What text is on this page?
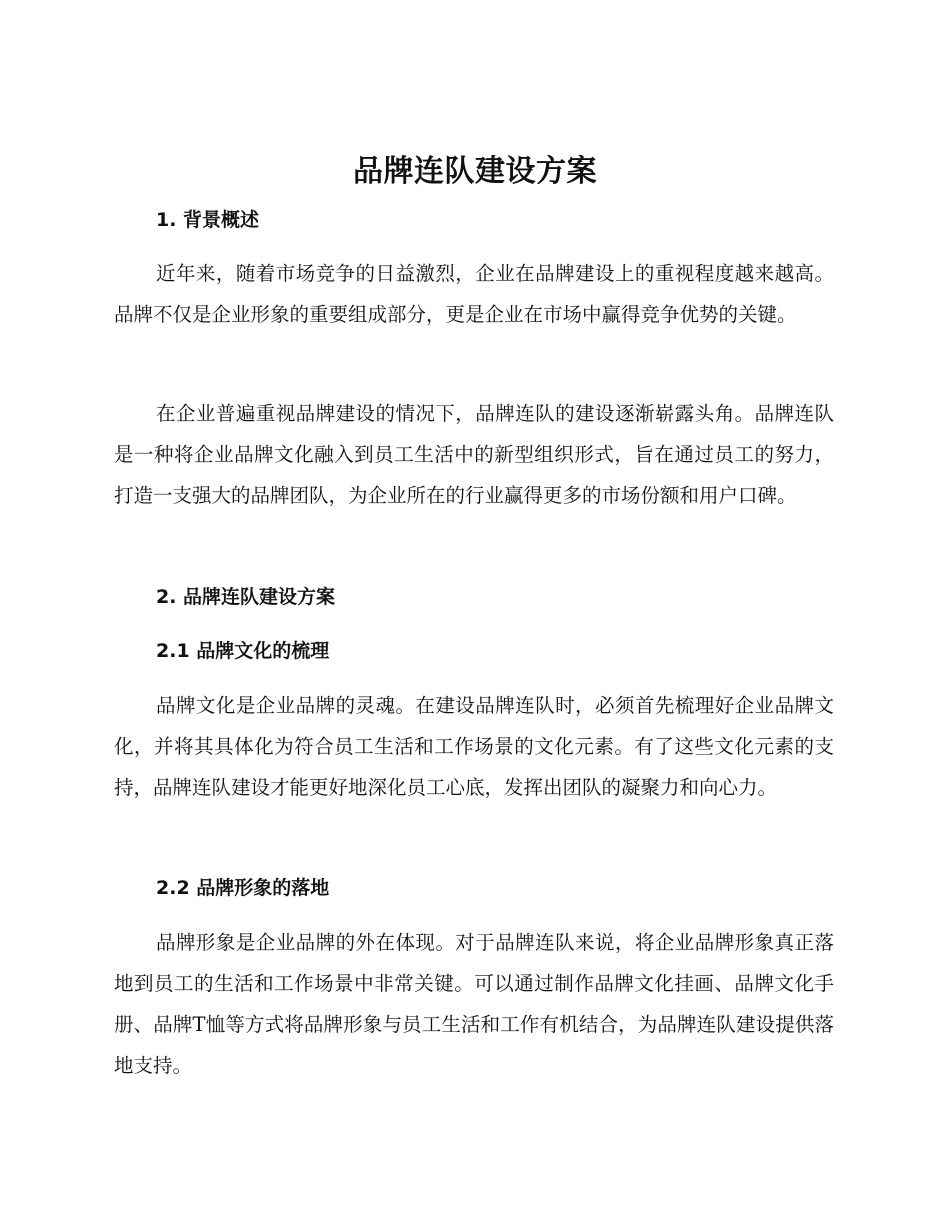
品牌连队建设方案
1. 背景概述

近年来，随着市场竞争的日益激烈，企业在品牌建设上的重视程度越来越高。品牌不仅是企业形象的重要组成部分，更是企业在市场中赢得竞争优势的关键。

在企业普遍重视品牌建设的情况下，品牌连队的建设逐渐崭露头角。品牌连队是一种将企业品牌文化融入到员工生活中的新型组织形式，旨在通过员工的努力，打造一支强大的品牌团队，为企业所在的行业赢得更多的市场份额和用户口碑。

2. 品牌连队建设方案
2.1 品牌文化的梳理

品牌文化是企业品牌的灵魂。在建设品牌连队时，必须首先梳理好企业品牌文化，并将其具体化为符合员工生活和工作场景的文化元素。有了这些文化元素的支持，品牌连队建设才能更好地深化员工心底，发挥出团队的凝聚力和向心力。

2.2 品牌形象的落地

品牌形象是企业品牌的外在体现。对于品牌连队来说，将企业品牌形象真正落地到员工的生活和工作场景中非常关键。可以通过制作品牌文化挂画、品牌文化手册、品牌T恤等方式将品牌形象与员工生活和工作有机结合，为品牌连队建设提供落地支持。
